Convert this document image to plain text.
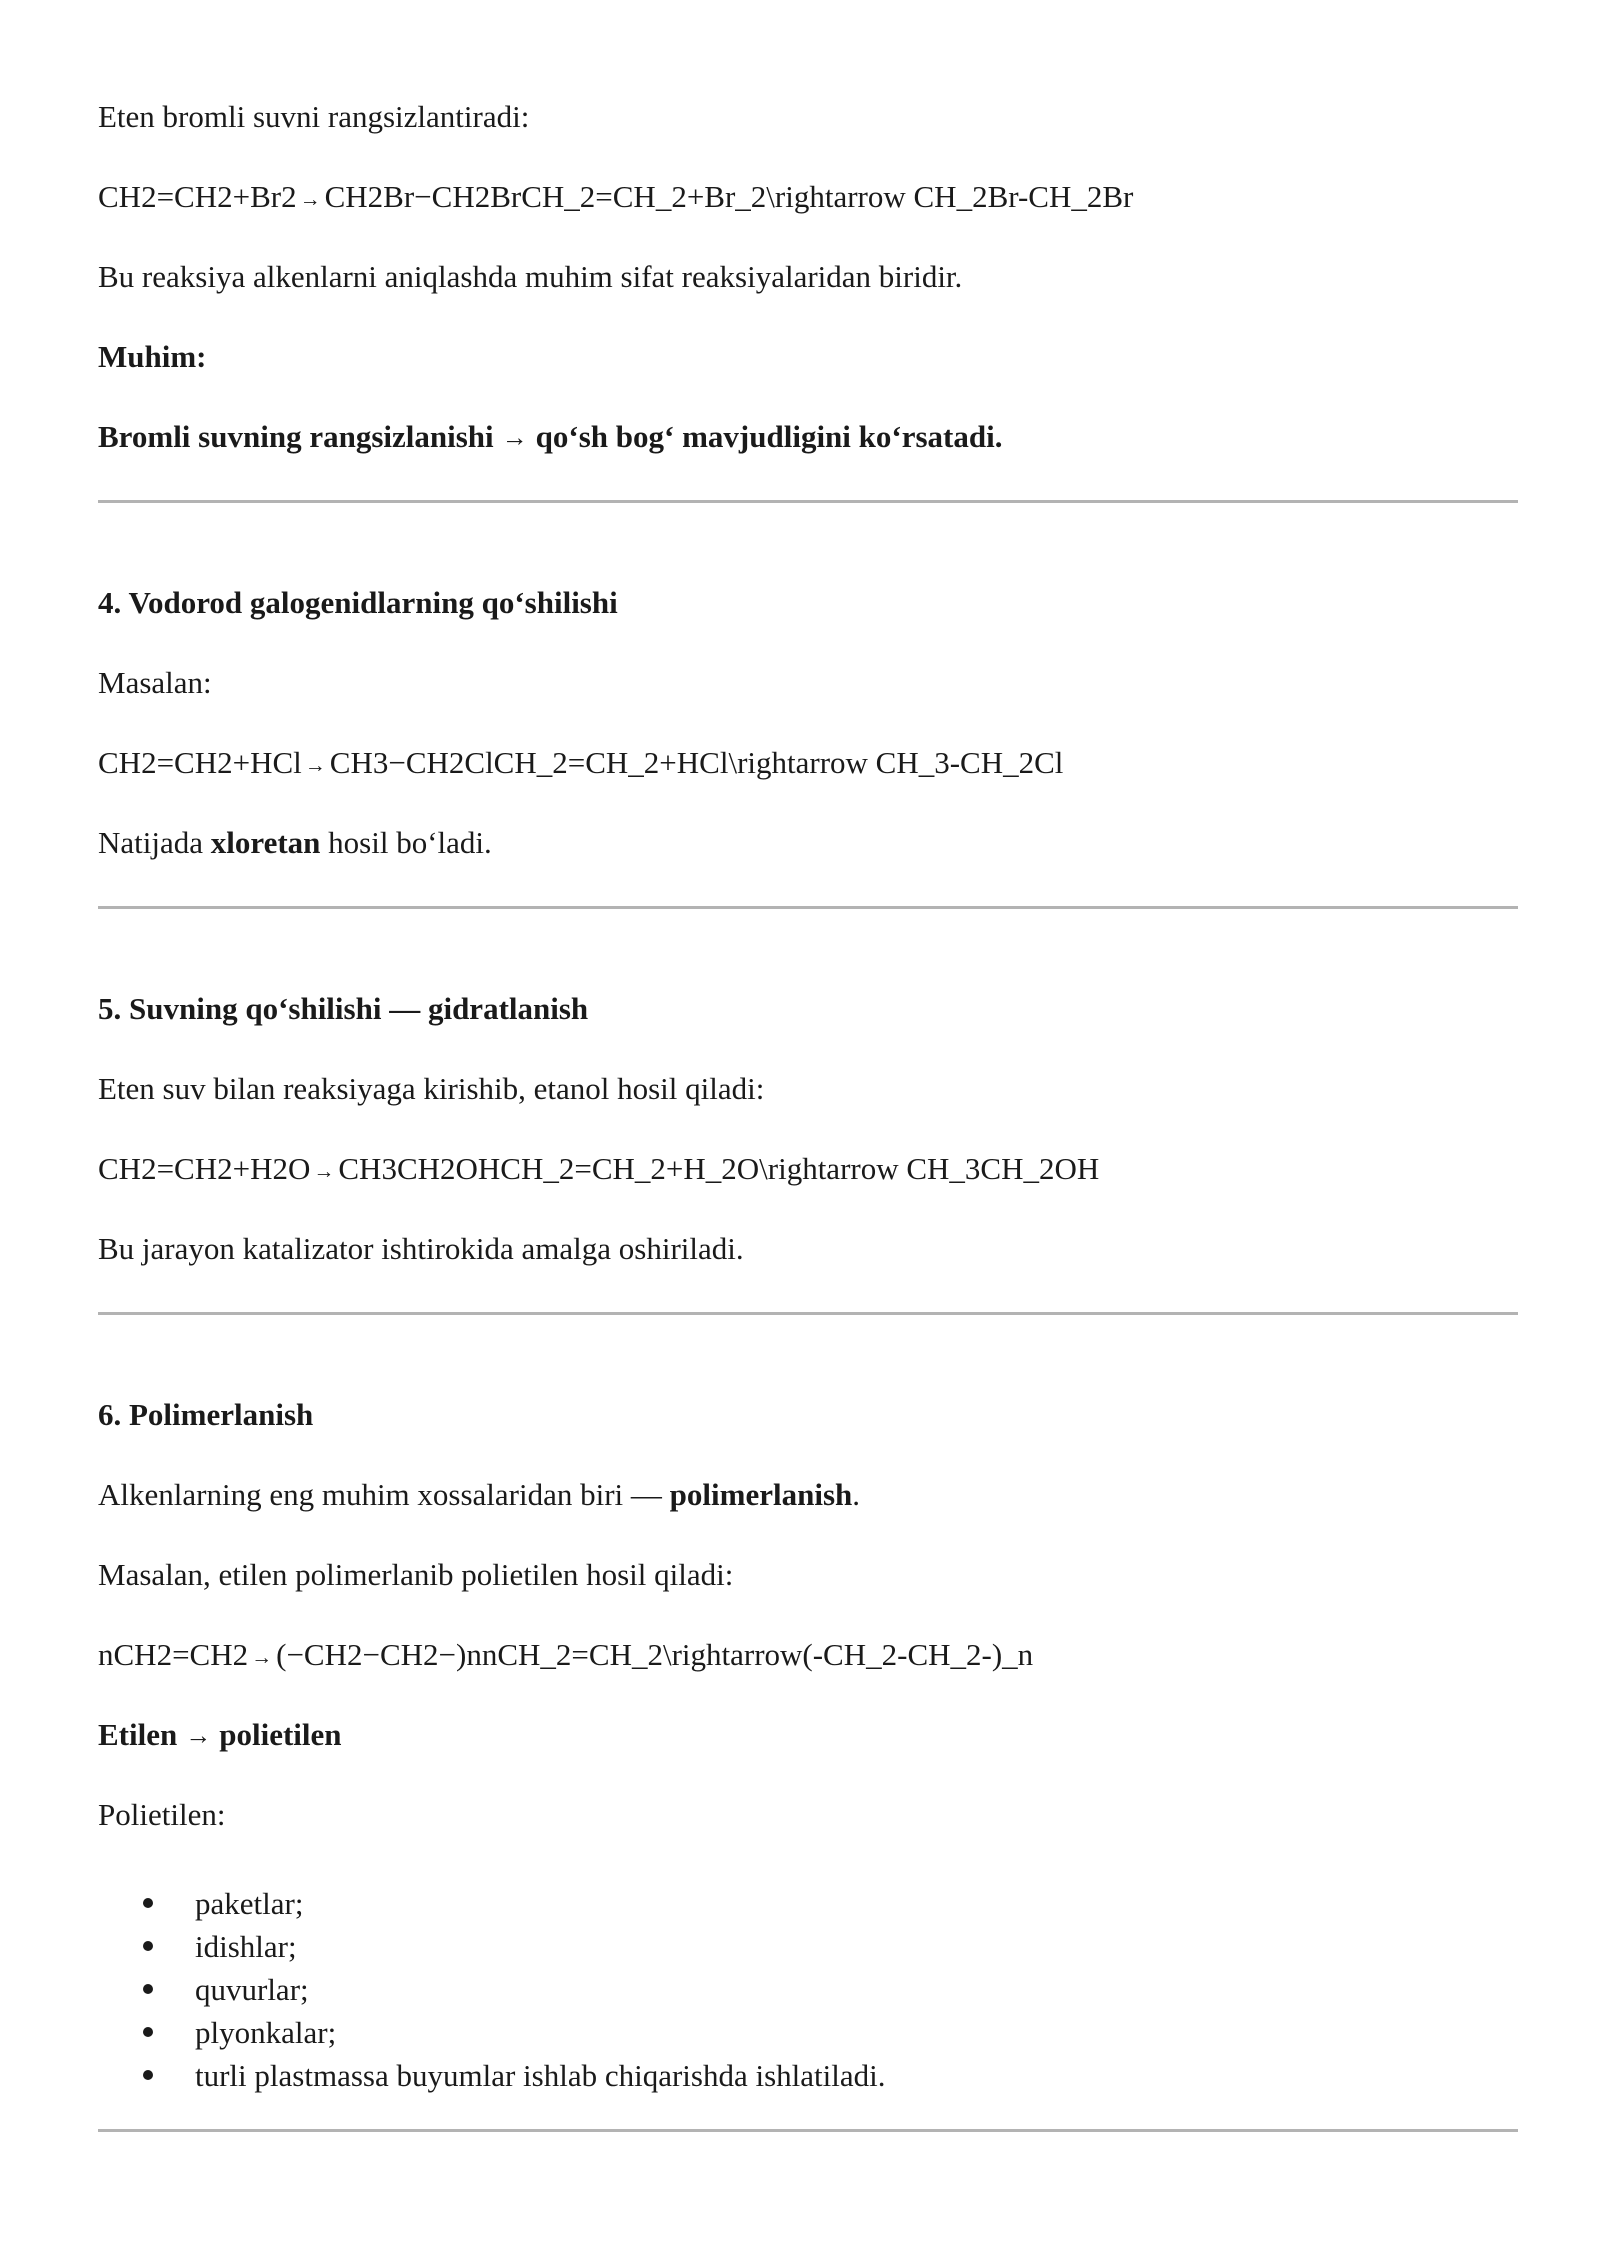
Eten bromli suvni rangsizlantiradi:
CH2=CH2+Br2 → CH2Br−CH2BrCH_2=CH_2+Br_2\rightarrow CH_2Br-CH_2Br
Bu reaksiya alkenlarni aniqlashda muhim sifat reaksiyalaridan biridir.
Muhim:
Bromli suvning rangsizlanishi → qo‘sh bog‘ mavjudligini ko‘rsatadi.
4. Vodorod galogenidlarning qo‘shilishi
Masalan:
CH2=CH2+HCl → CH3−CH2ClCH_2=CH_2+HCl\rightarrow CH_3-CH_2Cl
Natijada xloretan hosil bo‘ladi.
5. Suvning qo‘shilishi — gidratlanish
Eten suv bilan reaksiyaga kirishib, etanol hosil qiladi:
CH2=CH2+H2O → CH3CH2OHCH_2=CH_2+H_2O\rightarrow CH_3CH_2OH
Bu jarayon katalizator ishtirokida amalga oshiriladi.
6. Polimerlanish
Alkenlarning eng muhim xossalaridan biri — polimerlanish.
Masalan, etilen polimerlanib polietilen hosil qiladi:
nCH2=CH2 → (−CH2−CH2−)nnCH_2=CH_2\rightarrow(-CH_2-CH_2-)_n
Etilen → polietilen
Polietilen:
paketlar;
idishlar;
quvurlar;
plyonkalar;
turli plastmassa buyumlar ishlab chiqarishda ishlatiladi.
